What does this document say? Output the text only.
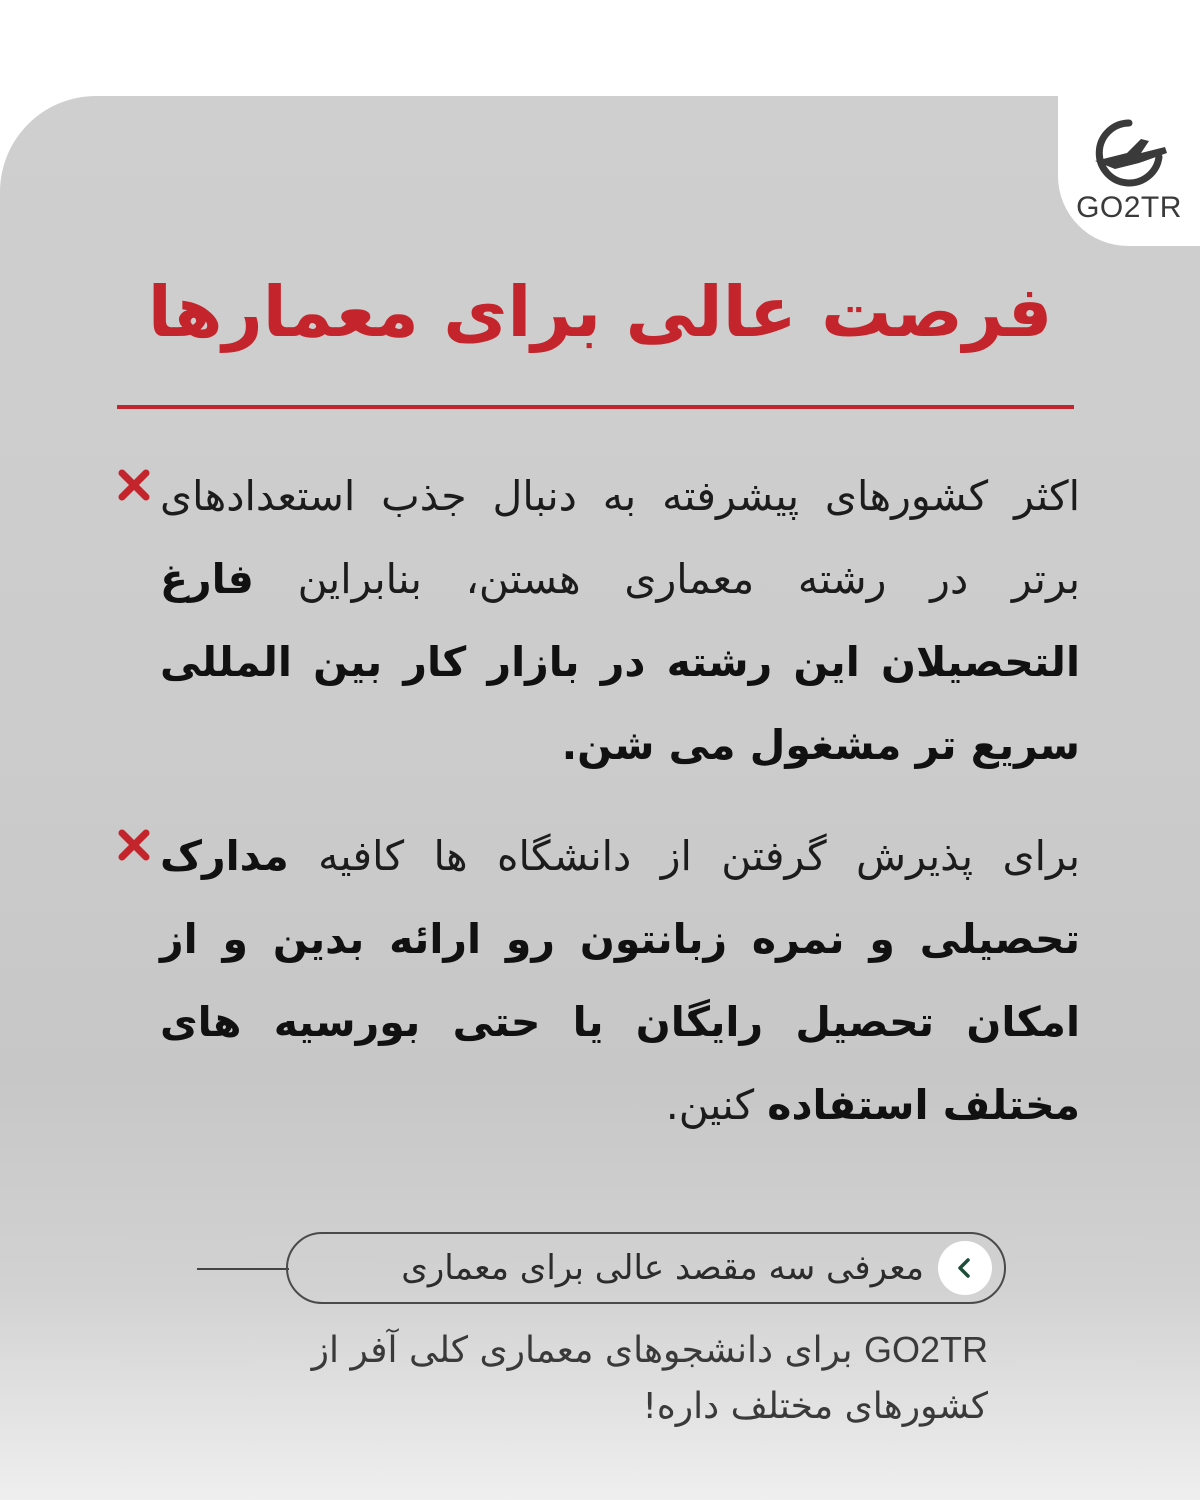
GO2TR
فرصت عالی برای معمارها
اکثر کشورهای پیشرفته به دنبال جذب استعدادهای برتر در رشته معماری هستن، بنابراین فارغ التحصیلان این رشته در بازار کار بین المللی سریع تر مشغول می شن.
برای پذیرش گرفتن از دانشگاه ها کافیه مدارک تحصیلی و نمره زبانتون رو ارائه بدین و از امکان تحصیل رایگان یا حتی بورسیه های مختلف استفاده کنین.
معرفی سه مقصد عالی برای معماری
GO2TR برای دانشجوهای معماری کلی آفر از کشورهای مختلف داره!
